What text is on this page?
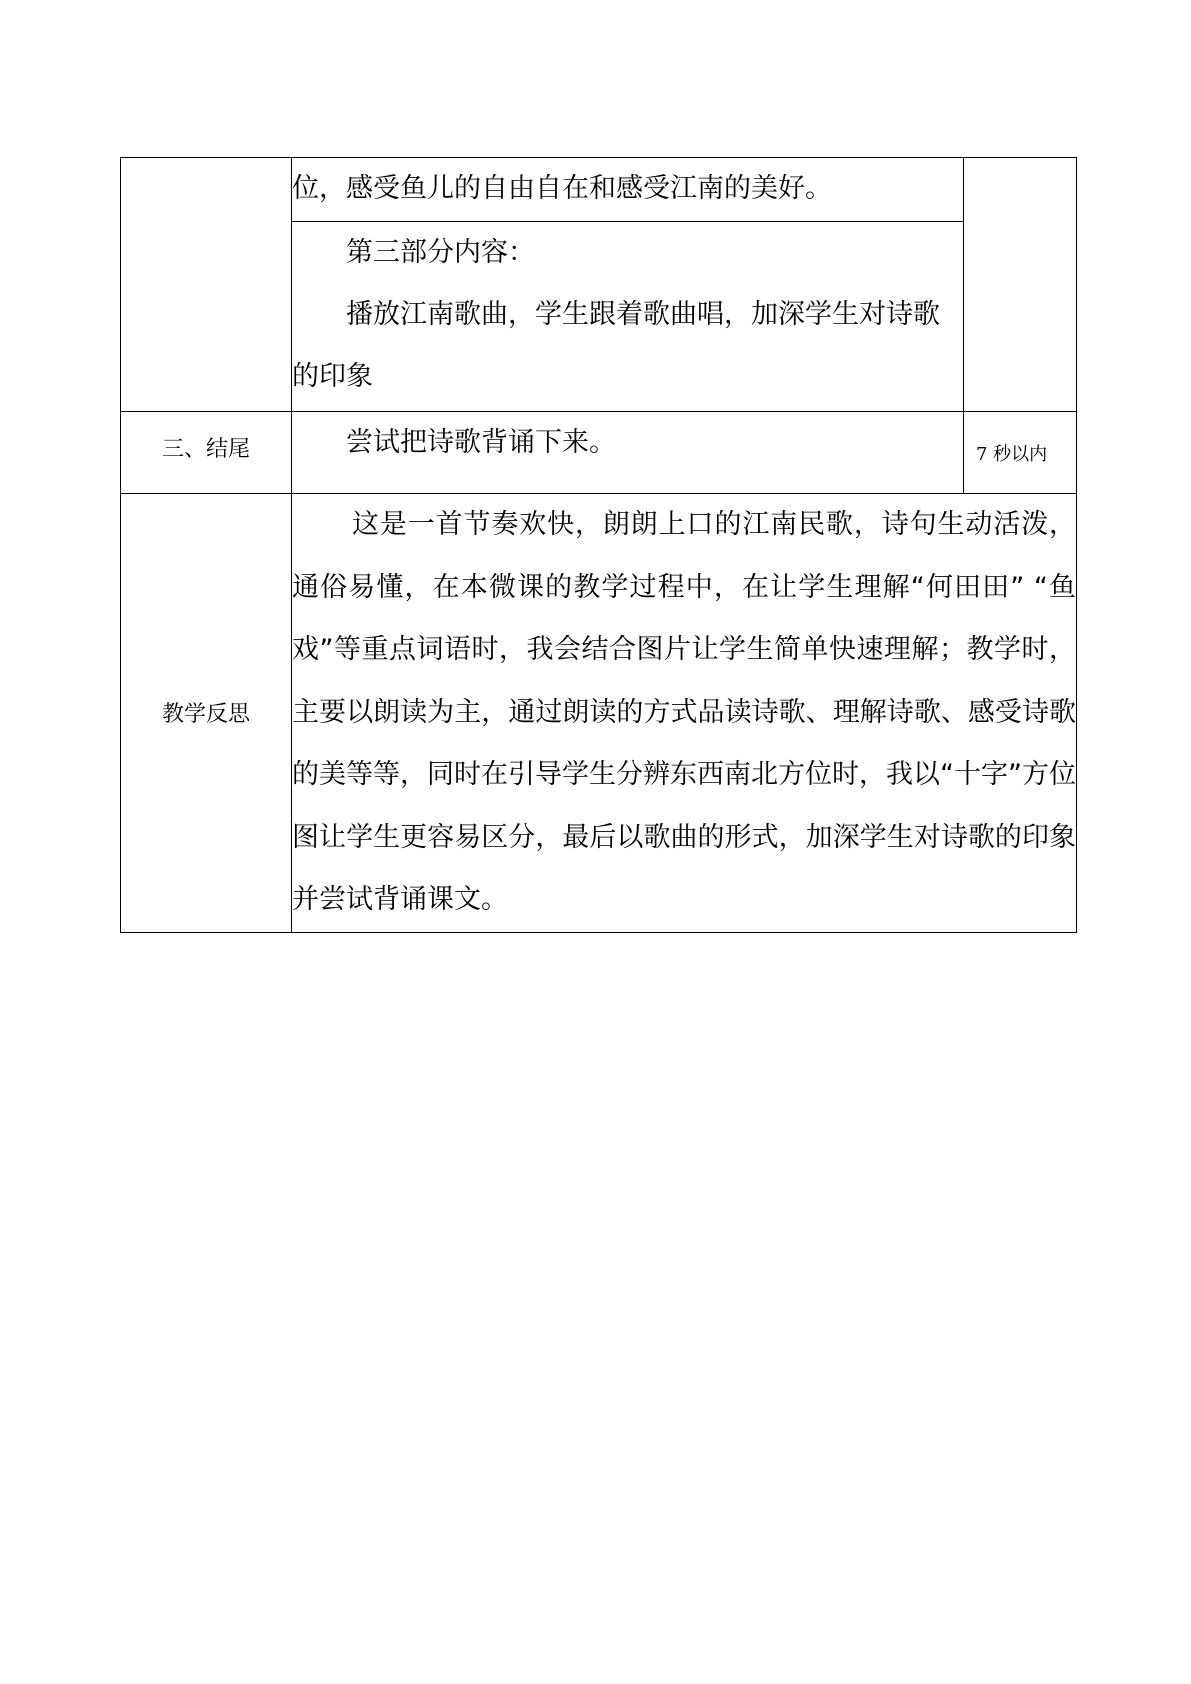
	位，感受鱼儿的自由自在和感受江南的美好。	

	第三部分内容：

播放江南歌曲，学生跟着歌曲唱，加深学生对诗歌的印象	

三、结尾	尝试把诗歌背诵下来。	7 秒以内
教学反思	这是一首节奏欢快，朗朗上口的江南民歌，诗句生动活泼，通俗易懂，在本微课的教学过程中，在让学生理解“何田田” “鱼戏”等重点词语时，我会结合图片让学生简单快速理解；教学时，主要以朗读为主，通过朗读的方式品读诗歌、理解诗歌、感受诗歌的美等等，同时在引导学生分辨东西南北方位时，我以“十字”方位图让学生更容易区分，最后以歌曲的形式，加深学生对诗歌的印象并尝试背诵课文。	
